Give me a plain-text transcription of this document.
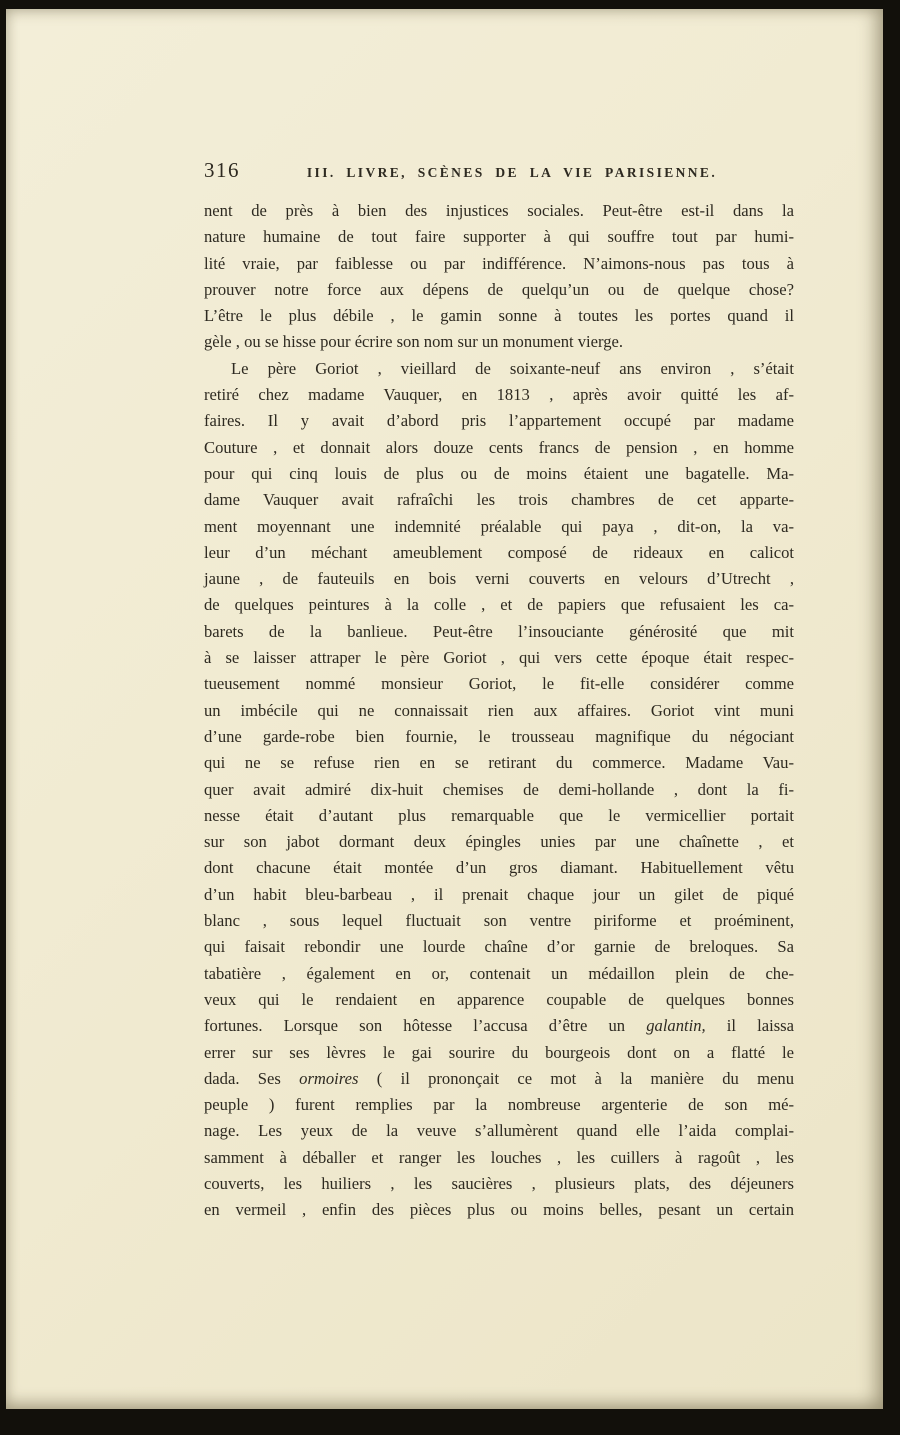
316	III. LIVRE, SCÈNES DE LA VIE PARISIENNE.
nent de près à bien des injustices sociales. Peut-être est-il dans la
nature humaine de tout faire supporter à qui souffre tout par humi-
lité vraie, par faiblesse ou par indifférence. N’aimons-nous pas tous à
prouver notre force aux dépens de quelqu’un ou de quelque chose?
L’être le plus débile , le gamin sonne à toutes les portes quand il
gèle , ou se hisse pour écrire son nom sur un monument vierge.
Le père Goriot , vieillard de soixante-neuf ans environ , s’était
retiré chez madame Vauquer, en 1813 , après avoir quitté les af-
faires. Il y avait d’abord pris l’appartement occupé par madame
Couture , et donnait alors douze cents francs de pension , en homme
pour qui cinq louis de plus ou de moins étaient une bagatelle. Ma-
dame Vauquer avait rafraîchi les trois chambres de cet apparte-
ment moyennant une indemnité préalable qui paya , dit-on, la va-
leur d’un méchant ameublement composé de rideaux en calicot
jaune , de fauteuils en bois verni couverts en velours d’Utrecht ,
de quelques peintures à la colle , et de papiers que refusaient les ca-
barets de la banlieue. Peut-être l’insouciante générosité que mit
à se laisser attraper le père Goriot , qui vers cette époque était respec-
tueusement nommé monsieur Goriot, le fit-elle considérer comme
un imbécile qui ne connaissait rien aux affaires. Goriot vint muni
d’une garde-robe bien fournie, le trousseau magnifique du négociant
qui ne se refuse rien en se retirant du commerce. Madame Vau-
quer avait admiré dix-huit chemises de demi-hollande , dont la fi-
nesse était d’autant plus remarquable que le vermicellier portait
sur son jabot dormant deux épingles unies par une chaînette , et
dont chacune était montée d’un gros diamant. Habituellement vêtu
d’un habit bleu-barbeau , il prenait chaque jour un gilet de piqué
blanc , sous lequel fluctuait son ventre piriforme et proéminent,
qui faisait rebondir une lourde chaîne d’or garnie de breloques. Sa
tabatière , également en or, contenait un médaillon plein de che-
veux qui le rendaient en apparence coupable de quelques bonnes
fortunes. Lorsque son hôtesse l’accusa d’être un galantin, il laissa
errer sur ses lèvres le gai sourire du bourgeois dont on a flatté le
dada. Ses ormoires ( il prononçait ce mot à la manière du menu
peuple ) furent remplies par la nombreuse argenterie de son mé-
nage. Les yeux de la veuve s’allumèrent quand elle l’aida complai-
samment à déballer et ranger les louches , les cuillers à ragoût , les
couverts, les huiliers , les saucières , plusieurs plats, des déjeuners
en vermeil , enfin des pièces plus ou moins belles, pesant un certain
